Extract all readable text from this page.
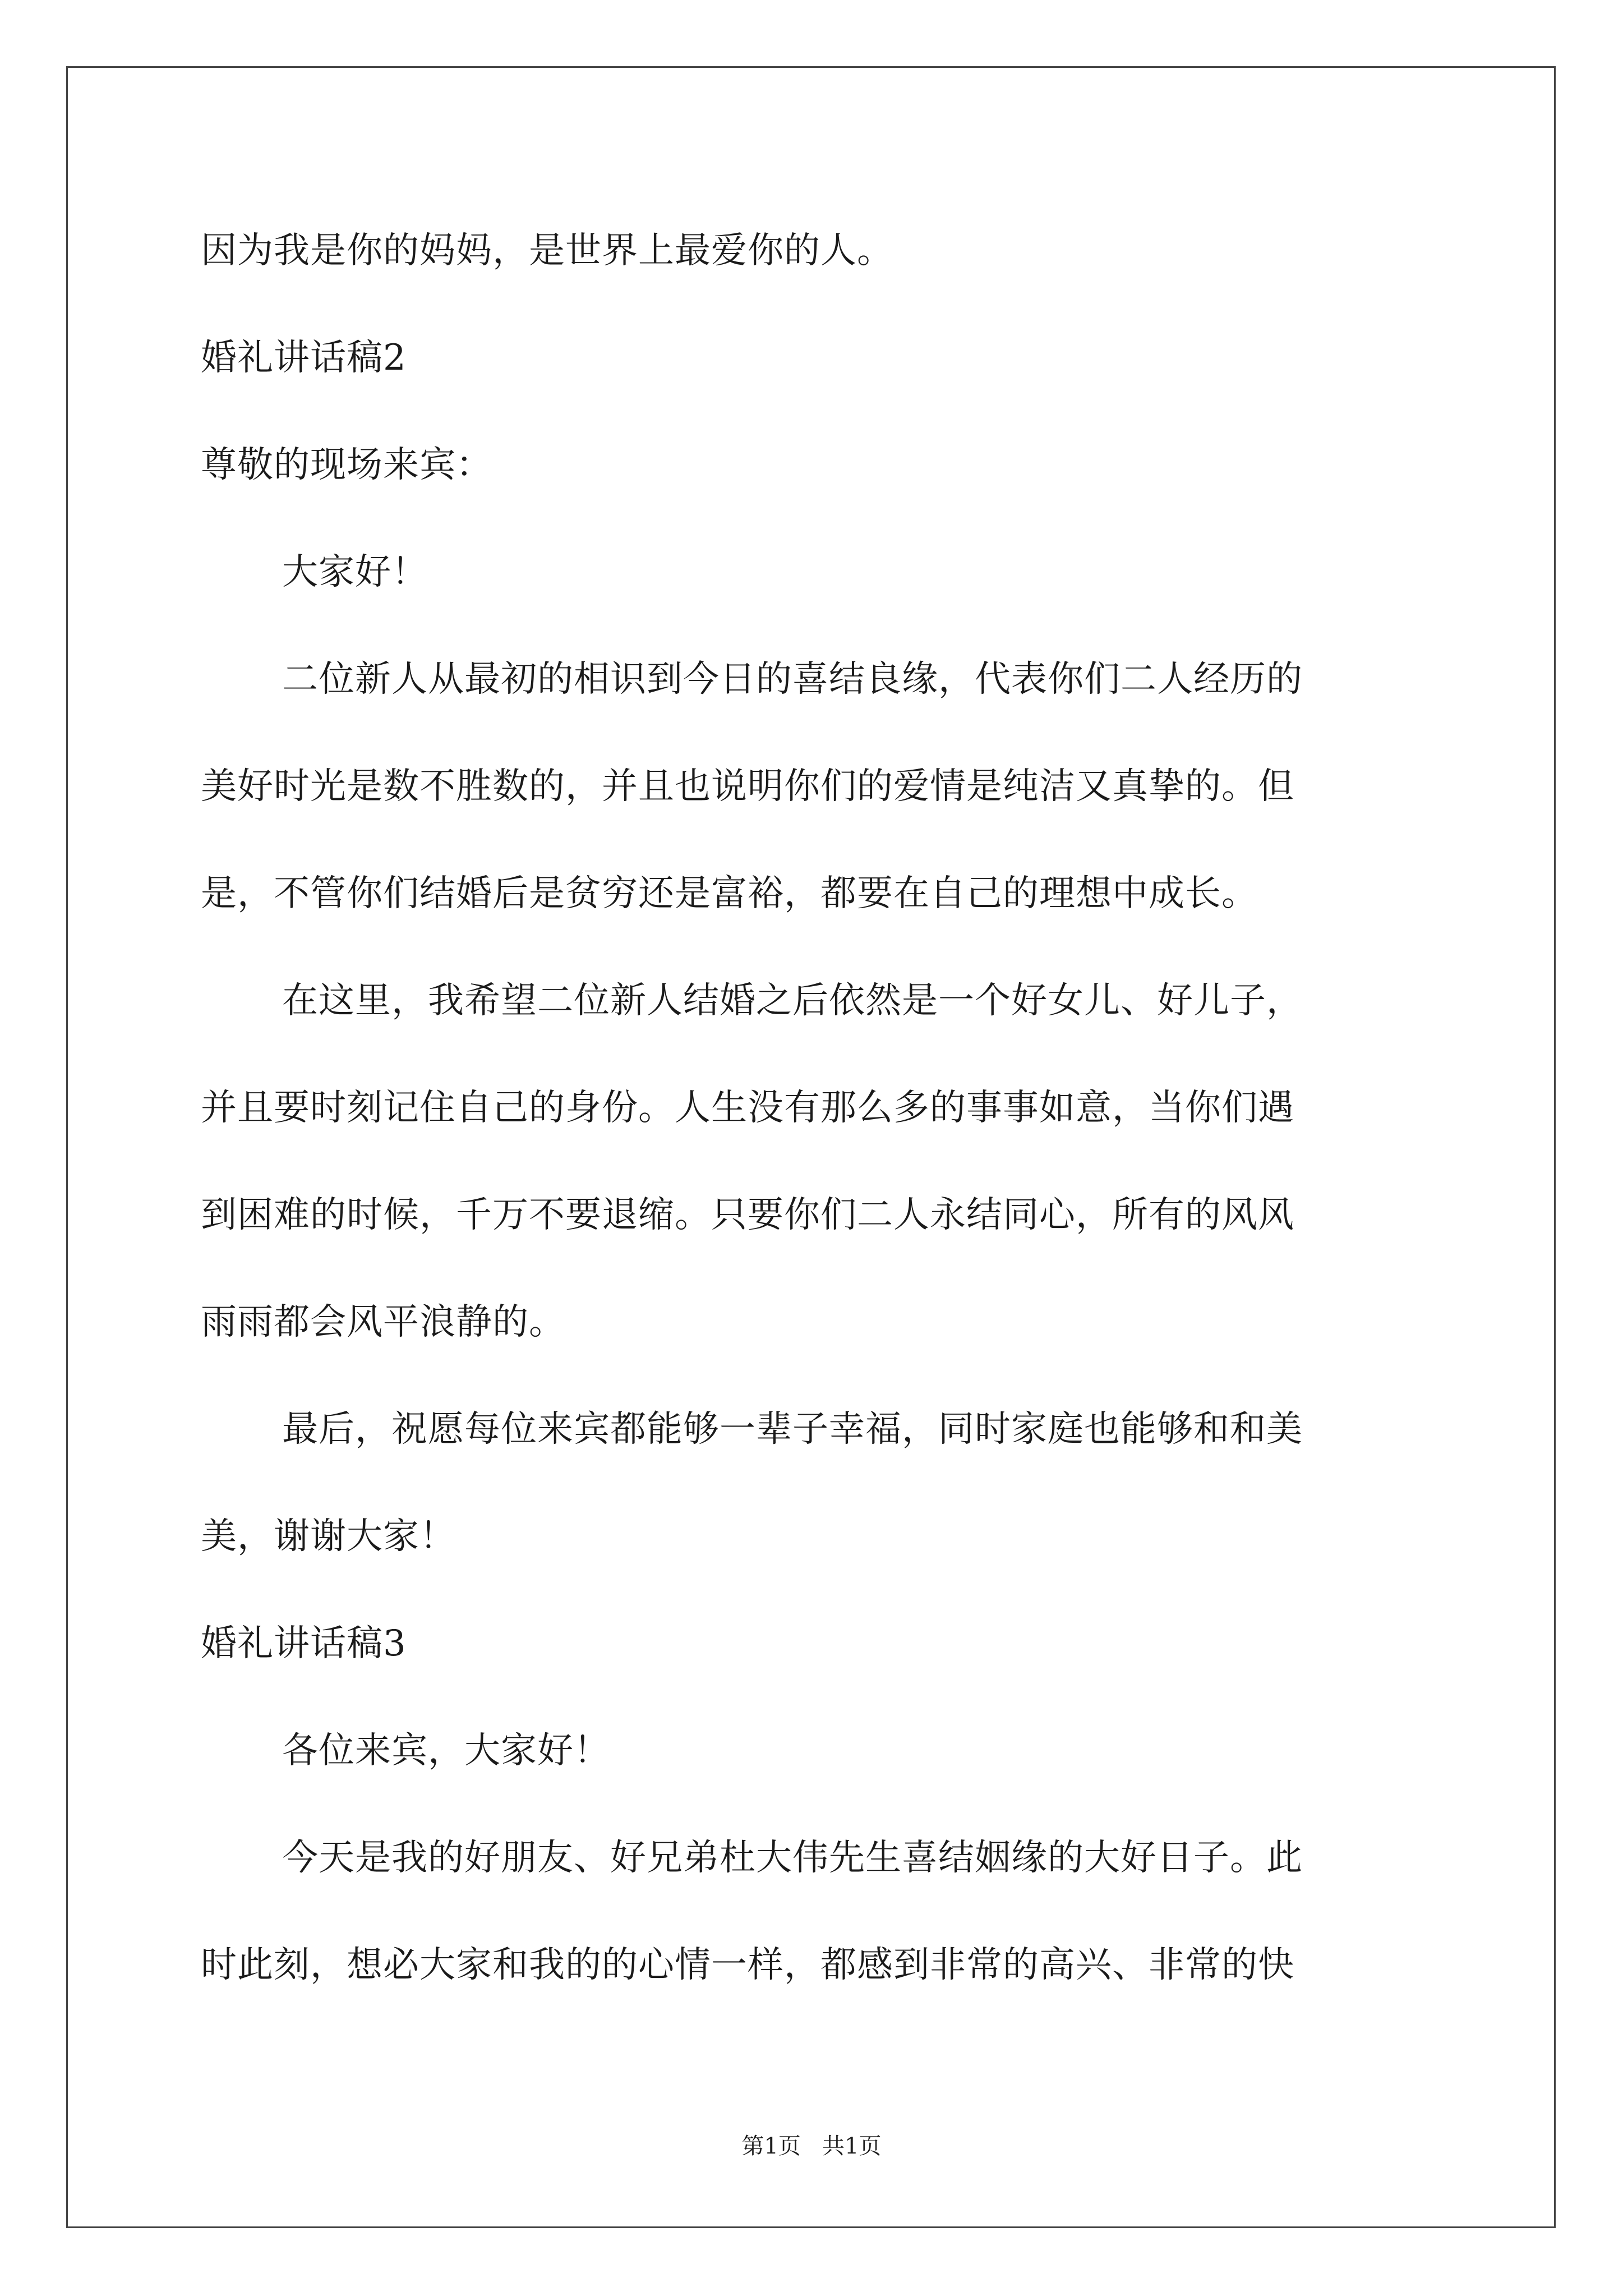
因为我是你的妈妈，是世界上最爱你的人。
婚礼讲话稿2
尊敬的现场来宾：
大家好！
二位新人从最初的相识到今日的喜结良缘，代表你们二人经历的
美好时光是数不胜数的，并且也说明你们的爱情是纯洁又真挚的。但
是，不管你们结婚后是贫穷还是富裕，都要在自己的理想中成长。
在这里，我希望二位新人结婚之后依然是一个好女儿、好儿子，
并且要时刻记住自己的身份。人生没有那么多的事事如意，当你们遇
到困难的时候，千万不要退缩。只要你们二人永结同心，所有的风风
雨雨都会风平浪静的。
最后，祝愿每位来宾都能够一辈子幸福，同时家庭也能够和和美
美，谢谢大家！
婚礼讲话稿3
各位来宾，大家好！
今天是我的好朋友、好兄弟杜大伟先生喜结姻缘的大好日子。此
时此刻，想必大家和我的的心情一样，都感到非常的高兴、非常的快
第1页   共1页
